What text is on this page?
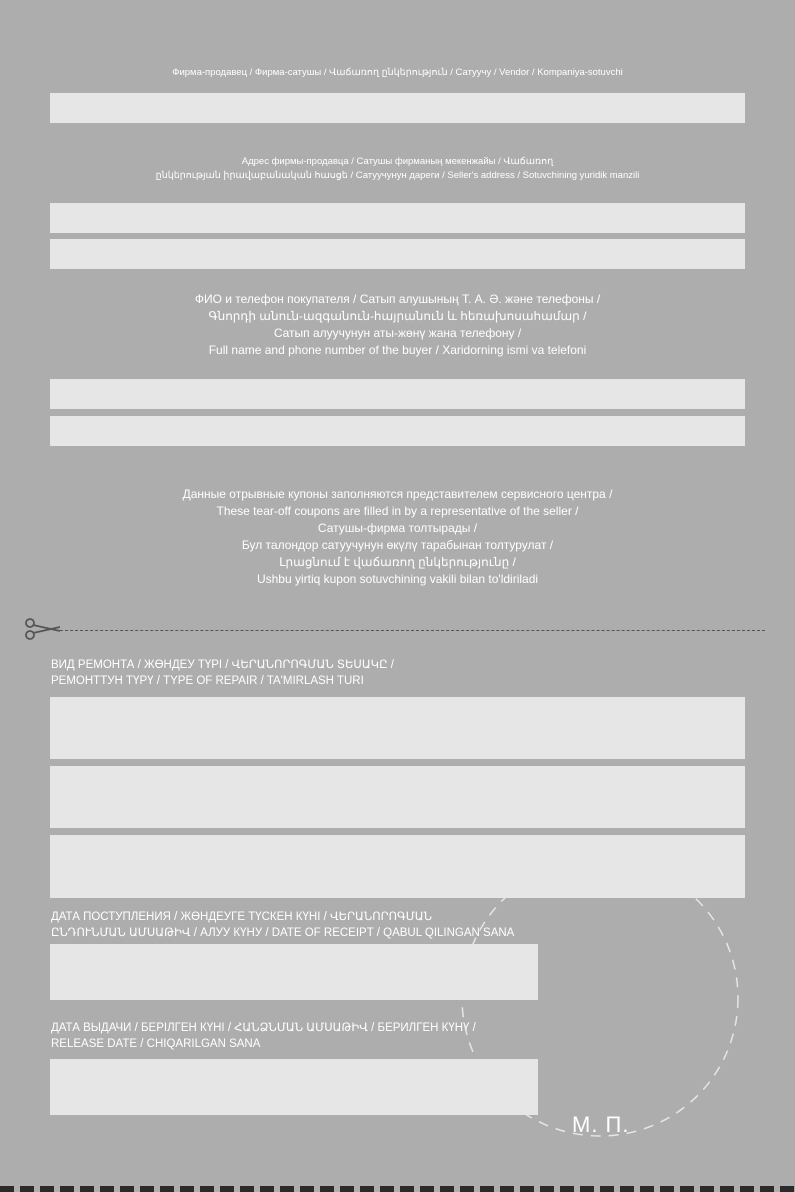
Фирма-продавец / Фирма-сатушы / Վաճառող ընկերություն / Сатуучу / Vendor / Kompaniya-sotuvchi
Адрес фирмы-продавца / Сатушы фирманың мекенжайы / Վաճառող
ընկերության իրավաբանական հասցե / Сатуучунун дареги / Seller's address / Sotuvchining yuridik manzili
ФИО и телефон покупателя / Сатып алушының Т. А. Ә. және телефоны /
Գնորդի անուն-ազգանուն-հայրանուն և հեռախոսահամար /
Сатып алуучунун аты-жөнү жана телефону /
Full name and phone number of the buyer / Xaridorning ismi va telefoni
Данные отрывные купоны заполняются представителем сервисного центра /
These tear-off coupons are filled in by a representative of the seller /
Сатушы-фирма толтырады /
Бул талондор сатуучунун өкүлү тарабынан толтурулат /
Լրացնում է վաճառող ընկերությունը /
Ushbu yirtiq kupon sotuvchining vakili bilan to'ldiriladi
ВИД РЕМОНТА / ЖӨНДЕУ ТҮРІ / ՎԵՐԱՆՈՐՈԳՄԱՆ ՏԵՍԱԿԸ /
РЕМОНТТУН ТҮРҮ / TYPE OF REPAIR / TA'MIRLASH TURI
ДАТА ПОСТУПЛЕНИЯ / ЖӨНДЕУГЕ ТҮСКЕН КҮНІ / ՎԵՐԱՆՈՐՈԳՄԱՆ
ԸՆԴՈՒՆՄԱՆ ԱՄՍԱԹԻՎ / АЛУУ КҮНУ / DATE OF RECEIPT / QABUL QILINGAN SANA
ДАТА ВЫДАЧИ / БЕРІЛГЕН КҮНІ / ՀԱՆՁՆՄԱՆ ԱՄՍԱԹԻՎ / БЕРИЛГЕН КҮНҮ /
RELEASE DATE / CHIQARILGAN SANA
М. П.
